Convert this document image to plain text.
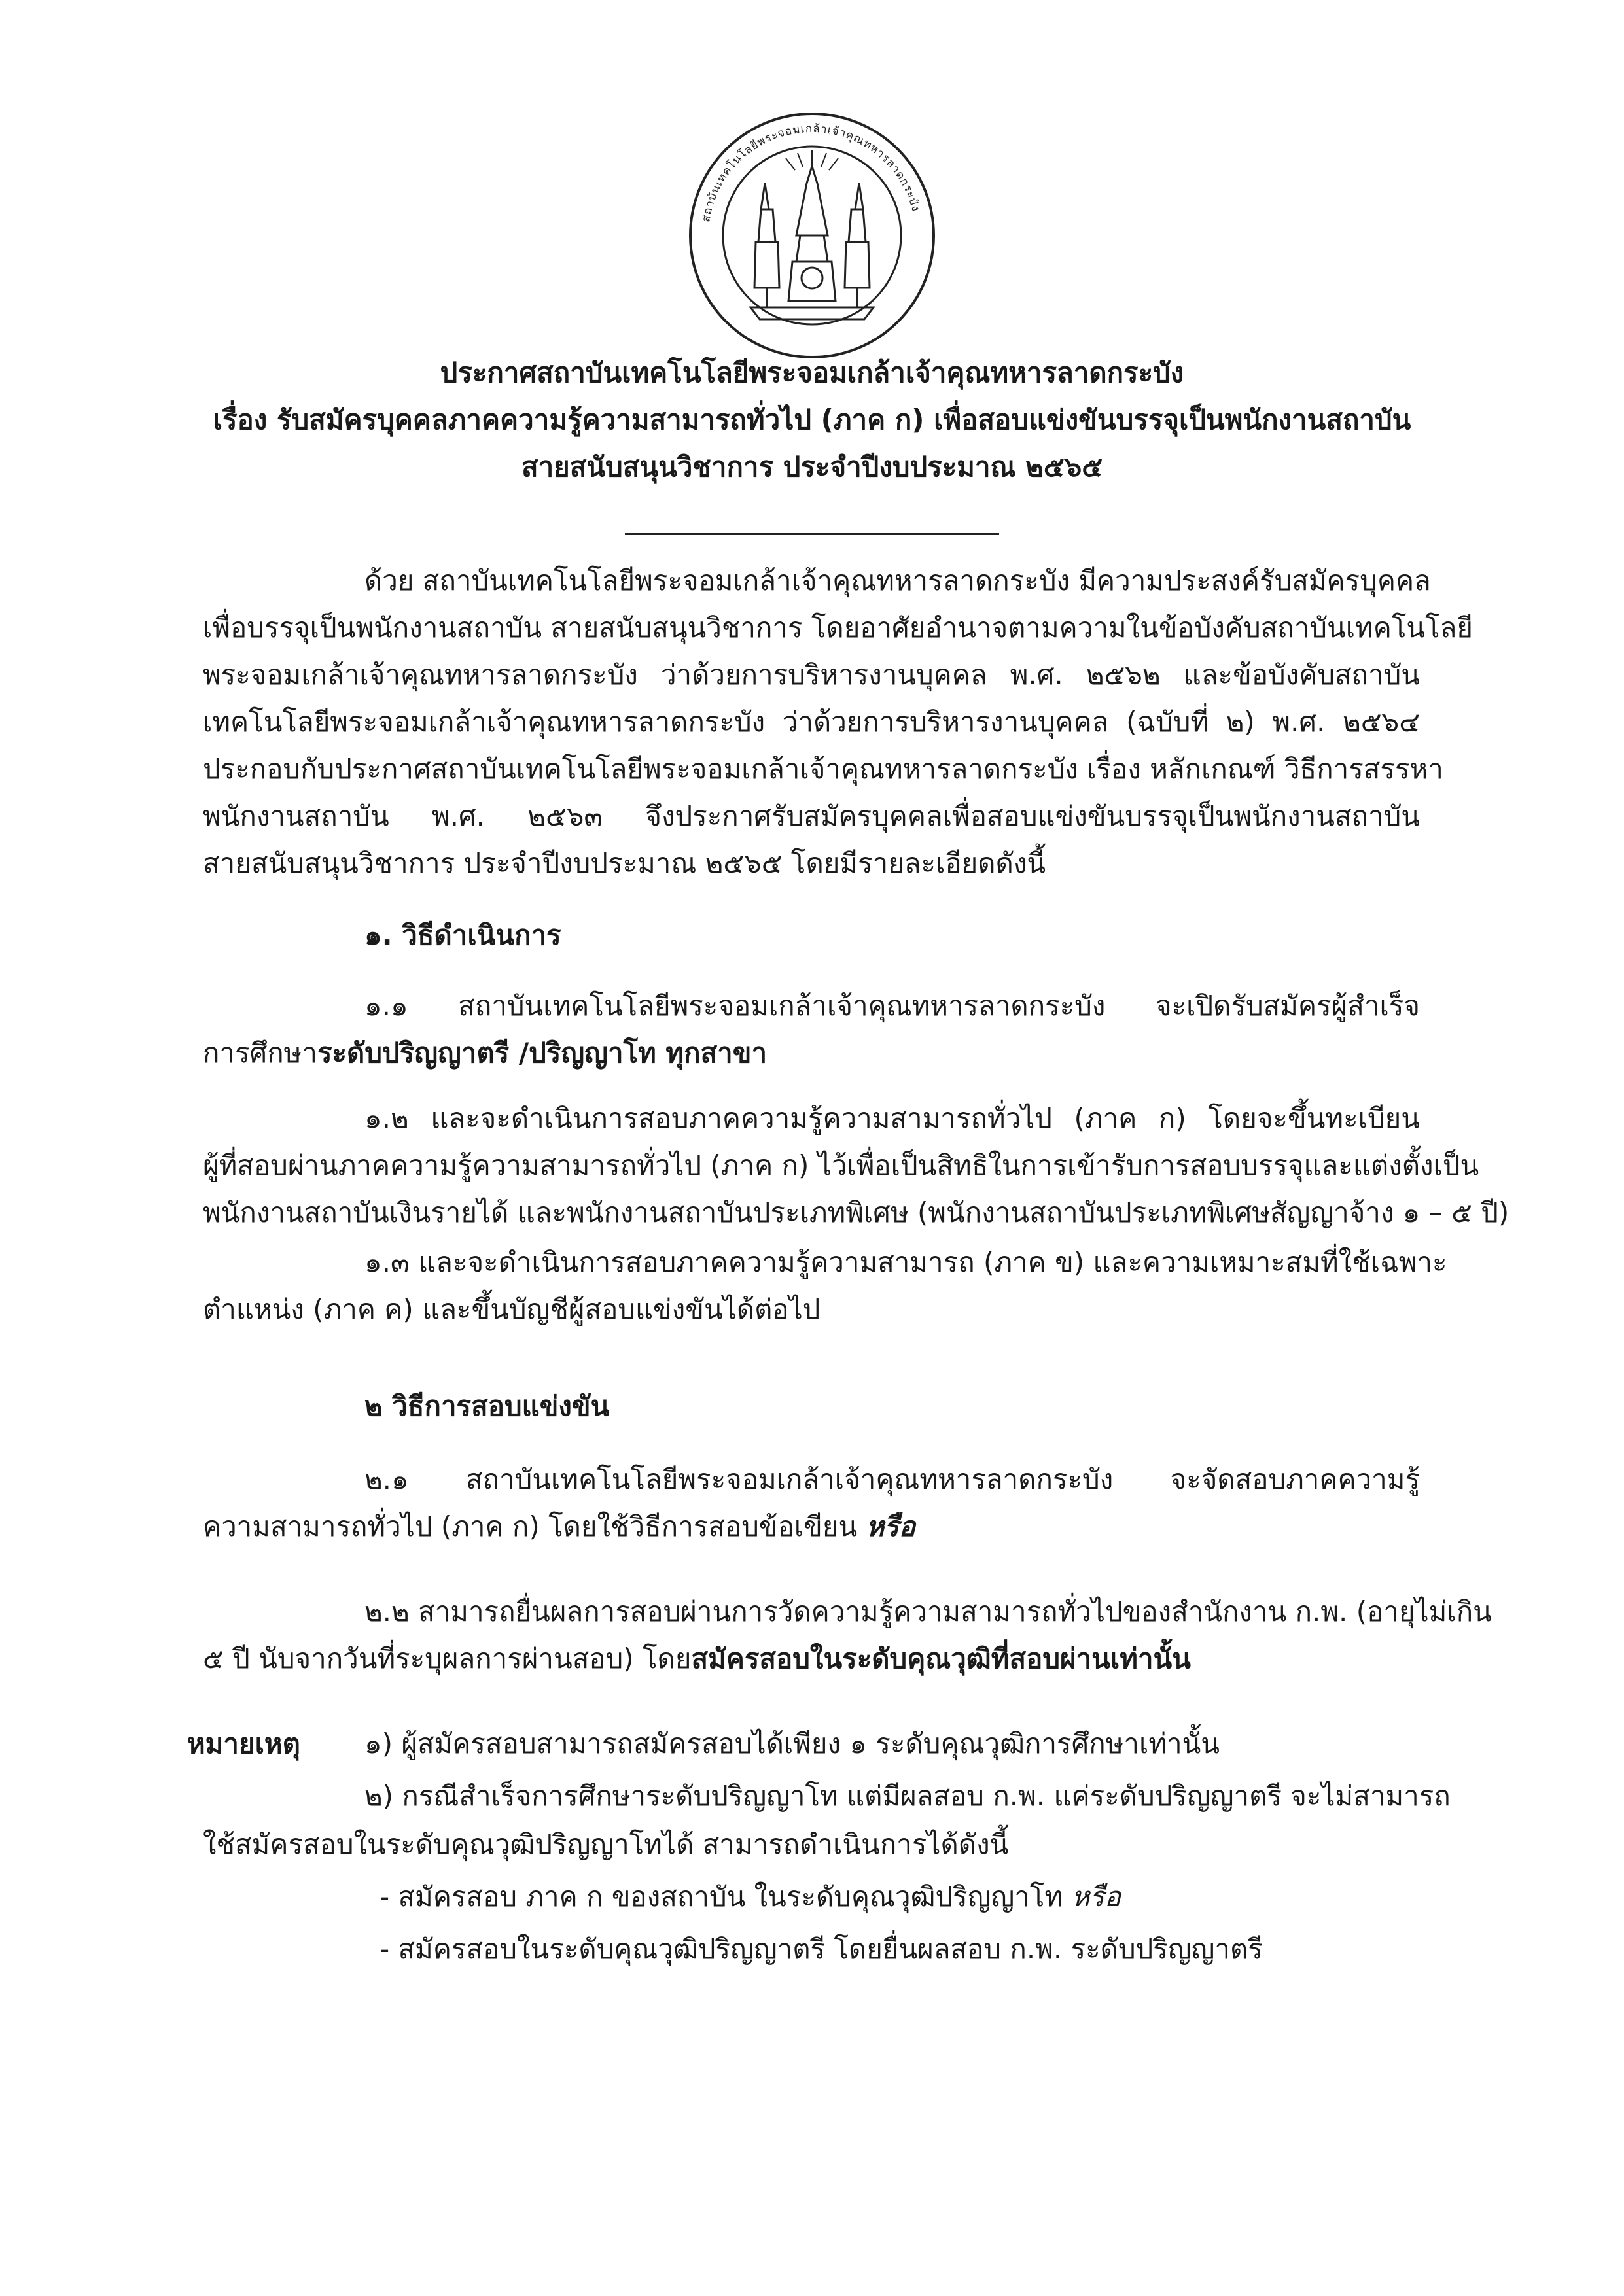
สถาบันเทคโนโลยีพระจอมเกล้าเจ้าคุณทหารลาดกระบัง

ประกาศสถาบันเทคโนโลยีพระจอมเกล้าเจ้าคุณทหารลาดกระบัง

เรื่อง รับสมัครบุคคลภาคความรู้ความสามารถทั่วไป (ภาค ก) เพื่อสอบแข่งขันบรรจุเป็นพนักงานสถาบัน

สายสนับสนุนวิชาการ ประจำปีงบประมาณ ๒๕๖๕

ด้วย สถาบันเทคโนโลยีพระจอมเกล้าเจ้าคุณทหารลาดกระบัง มีความประสงค์รับสมัครบุคคล

เพื่อบรรจุเป็นพนักงานสถาบัน สายสนับสนุนวิชาการ โดยอาศัยอำนาจตามความในข้อบังคับสถาบันเทคโนโลยี

พระจอมเกล้าเจ้าคุณทหารลาดกระบัง ว่าด้วยการบริหารงานบุคคล พ.ศ. ๒๕๖๒ และข้อบังคับสถาบัน

เทคโนโลยีพระจอมเกล้าเจ้าคุณทหารลาดกระบัง ว่าด้วยการบริหารงานบุคคล (ฉบับที่ ๒) พ.ศ. ๒๕๖๔

ประกอบกับประกาศสถาบันเทคโนโลยีพระจอมเกล้าเจ้าคุณทหารลาดกระบัง เรื่อง หลักเกณฑ์ วิธีการสรรหา

พนักงานสถาบัน พ.ศ. ๒๕๖๓ จึงประกาศรับสมัครบุคคลเพื่อสอบแข่งขันบรรจุเป็นพนักงานสถาบัน

สายสนับสนุนวิชาการ ประจำปีงบประมาณ ๒๕๖๕ โดยมีรายละเอียดดังนี้

๑. วิธีดำเนินการ

๑.๑ สถาบันเทคโนโลยีพระจอมเกล้าเจ้าคุณทหารลาดกระบัง จะเปิดรับสมัครผู้สำเร็จ

การศึกษาระดับปริญญาตรี /ปริญญาโท ทุกสาขา

๑.๒ และจะดำเนินการสอบภาคความรู้ความสามารถทั่วไป (ภาค ก) โดยจะขึ้นทะเบียน

ผู้ที่สอบผ่านภาคความรู้ความสามารถทั่วไป (ภาค ก) ไว้เพื่อเป็นสิทธิในการเข้ารับการสอบบรรจุและแต่งตั้งเป็น

พนักงานสถาบันเงินรายได้ และพนักงานสถาบันประเภทพิเศษ (พนักงานสถาบันประเภทพิเศษสัญญาจ้าง ๑ – ๕ ปี)

๑.๓ และจะดำเนินการสอบภาคความรู้ความสามารถ (ภาค ข) และความเหมาะสมที่ใช้เฉพาะ

ตำแหน่ง (ภาค ค) และขึ้นบัญชีผู้สอบแข่งขันได้ต่อไป

๒ วิธีการสอบแข่งขัน

๒.๑ สถาบันเทคโนโลยีพระจอมเกล้าเจ้าคุณทหารลาดกระบัง จะจัดสอบภาคความรู้

ความสามารถทั่วไป (ภาค ก) โดยใช้วิธีการสอบข้อเขียน หรือ

๒.๒ สามารถยื่นผลการสอบผ่านการวัดความรู้ความสามารถทั่วไปของสำนักงาน ก.พ. (อายุไม่เกิน

๕ ปี นับจากวันที่ระบุผลการผ่านสอบ) โดยสมัครสอบในระดับคุณวุฒิที่สอบผ่านเท่านั้น

หมายเหตุ ๑) ผู้สมัครสอบสามารถสมัครสอบได้เพียง ๑ ระดับคุณวุฒิการศึกษาเท่านั้น

๒) กรณีสำเร็จการศึกษาระดับปริญญาโท แต่มีผลสอบ ก.พ. แค่ระดับปริญญาตรี จะไม่สามารถ

ใช้สมัครสอบในระดับคุณวุฒิปริญญาโทได้ สามารถดำเนินการได้ดังนี้

- สมัครสอบ ภาค ก ของสถาบัน ในระดับคุณวุฒิปริญญาโท หรือ

- สมัครสอบในระดับคุณวุฒิปริญญาตรี โดยยื่นผลสอบ ก.พ. ระดับปริญญาตรี
